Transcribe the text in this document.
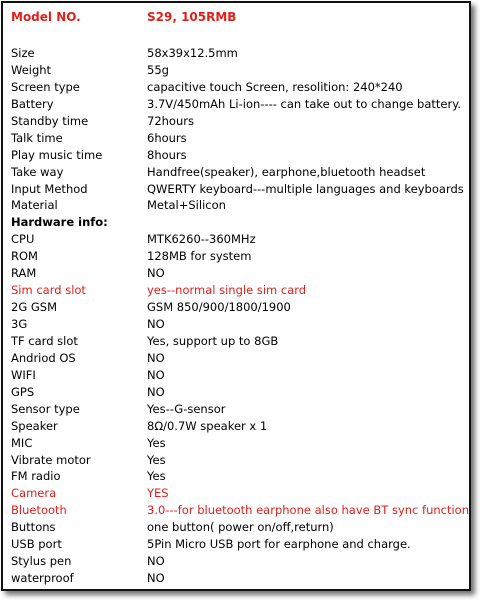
Model NO.	S29, 105RMB
Size	58x39x12.5mm
Weight	55g
Screen type	capacitive touch Screen, resolition: 240*240
Battery	3.7V/450mAh Li-ion---- can take out to change battery.
Standby time	72hours
Talk time	6hours
Play music time	8hours
Take way	Handfree(speaker), earphone,bluetooth headset
Input Method	QWERTY keyboard---multiple languages and keyboards
Material	Metal+Silicon
Hardware info:
CPU	MTK6260--360MHz
ROM	128MB for system
RAM	NO
Sim card slot	yes--normal single sim card
2G GSM	GSM 850/900/1800/1900
3G	NO
TF card slot	Yes, support up to 8GB
Andriod OS	NO
WIFI	NO
GPS	NO
Sensor type	Yes--G-sensor
Speaker	8Ω/0.7W speaker x 1
MIC	Yes
Vibrate motor	Yes
FM radio	Yes
Camera	YES
Bluetooth	3.0---for bluetooth earphone also have BT sync function
Buttons	one button( power on/off,return)
USB port	5Pin Micro USB port for earphone and charge.
Stylus pen	NO
waterproof	NO
